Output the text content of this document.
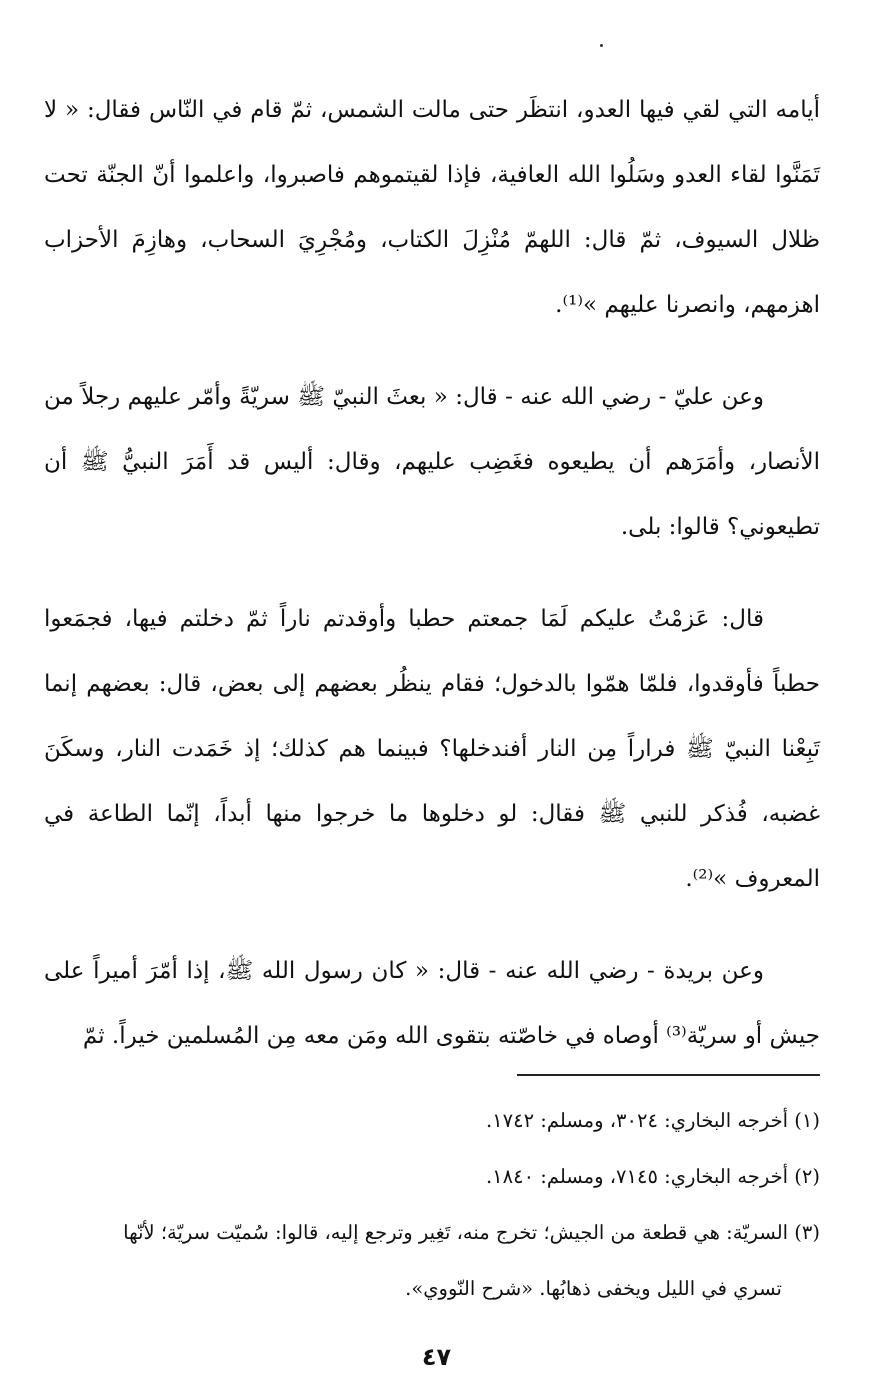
أيامه التي لقي فيها العدو، انتظَر حتى مالت الشمس، ثمّ قام في النّاس فقال: « لا تَمَنَّوا لقاء العدو وسَلُوا الله العافية، فإذا لقيتموهم فاصبروا، واعلموا أنّ الجنّة تحت ظلال السيوف، ثمّ قال: اللهمّ مُنْزِلَ الكتاب، ومُجْرِيَ السحاب، وهازِمَ الأحزاب اهزمهم، وانصرنا عليهم »⁽¹⁾.

وعن عليّ - رضي الله عنه - قال: « بعثَ النبيّ ﷺ سريّةً وأمّر عليهم رجلاً من الأنصار، وأمَرَهم أن يطيعوه فغَضِب عليهم، وقال: أليس قد أَمَرَ النبيُّ ﷺ أن تطيعوني؟ قالوا: بلى.

قال: عَزمْتُ عليكم لَمَا جمعتم حطبا وأوقدتم ناراً ثمّ دخلتم فيها، فجمَعوا حطباً فأوقدوا، فلمّا همّوا بالدخول؛ فقام ينظُر بعضهم إلى بعض، قال: بعضهم إنما تَبِعْنا النبيّ ﷺ فراراً مِن النار أفندخلها؟ فبينما هم كذلك؛ إذ خَمَدت النار، وسكَنَ غضبه، فُذكر للنبي ﷺ فقال: لو دخلوها ما خرجوا منها أبداً، إنّما الطاعة في المعروف »⁽²⁾.

وعن بريدة - رضي الله عنه - قال: « كان رسول الله ﷺ، إذا أمّرَ أميراً على جيش أو سريّة⁽³⁾ أوصاه في خاصّته بتقوى الله ومَن معه مِن المُسلمين خيراً. ثمّ

(١) أخرجه البخاري: ٣٠٢٤، ومسلم: ١٧٤٢.

(٢) أخرجه البخاري: ٧١٤٥، ومسلم: ١٨٤٠.

(٣) السريّة: هي قطعة من الجيش؛ تخرج منه، تَغِير وترجع إليه، قالوا: سُميّت سريّة؛ لأنّها

تسري في الليل ويخفى ذهابُها. «شرح النّووي».

٤٧
